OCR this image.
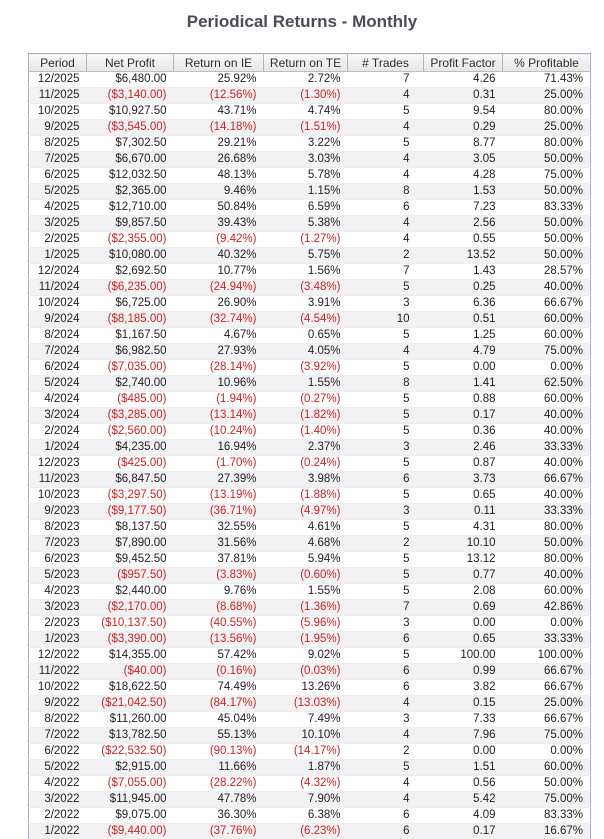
Periodical Returns - Monthly
Period	Net Profit	Return on IE	Return on TE	# Trades	Profit Factor	% Profitable
12/2025	$6,480.00	25.92%	2.72%	7	4.26	71.43%
11/2025	($3,140.00)	(12.56%)	(1.30%)	4	0.31	25.00%
10/2025	$10,927.50	43.71%	4.74%	5	9.54	80.00%
9/2025	($3,545.00)	(14.18%)	(1.51%)	4	0.29	25.00%
8/2025	$7,302.50	29.21%	3.22%	5	8.77	80.00%
7/2025	$6,670.00	26.68%	3.03%	4	3.05	50.00%
6/2025	$12,032.50	48.13%	5.78%	4	4.28	75.00%
5/2025	$2,365.00	9.46%	1.15%	8	1.53	50.00%
4/2025	$12,710.00	50.84%	6.59%	6	7.23	83.33%
3/2025	$9,857.50	39.43%	5.38%	4	2.56	50.00%
2/2025	($2,355.00)	(9.42%)	(1.27%)	4	0.55	50.00%
1/2025	$10,080.00	40.32%	5.75%	2	13.52	50.00%
12/2024	$2,692.50	10.77%	1.56%	7	1.43	28.57%
11/2024	($6,235.00)	(24.94%)	(3.48%)	5	0.25	40.00%
10/2024	$6,725.00	26.90%	3.91%	3	6.36	66.67%
9/2024	($8,185.00)	(32.74%)	(4.54%)	10	0.51	60.00%
8/2024	$1,167.50	4.67%	0.65%	5	1.25	60.00%
7/2024	$6,982.50	27.93%	4.05%	4	4.79	75.00%
6/2024	($7,035.00)	(28.14%)	(3.92%)	5	0.00	0.00%
5/2024	$2,740.00	10.96%	1.55%	8	1.41	62.50%
4/2024	($485.00)	(1.94%)	(0.27%)	5	0.88	60.00%
3/2024	($3,285.00)	(13.14%)	(1.82%)	5	0.17	40.00%
2/2024	($2,560.00)	(10.24%)	(1.40%)	5	0.36	40.00%
1/2024	$4,235.00	16.94%	2.37%	3	2.46	33.33%
12/2023	($425.00)	(1.70%)	(0.24%)	5	0.87	40.00%
11/2023	$6,847.50	27.39%	3.98%	6	3.73	66.67%
10/2023	($3,297.50)	(13.19%)	(1.88%)	5	0.65	40.00%
9/2023	($9,177.50)	(36.71%)	(4.97%)	3	0.11	33.33%
8/2023	$8,137.50	32.55%	4.61%	5	4.31	80.00%
7/2023	$7,890.00	31.56%	4.68%	2	10.10	50.00%
6/2023	$9,452.50	37.81%	5.94%	5	13.12	80.00%
5/2023	($957.50)	(3.83%)	(0.60%)	5	0.77	40.00%
4/2023	$2,440.00	9.76%	1.55%	5	2.08	60.00%
3/2023	($2,170.00)	(8.68%)	(1.36%)	7	0.69	42.86%
2/2023	($10,137.50)	(40.55%)	(5.96%)	3	0.00	0.00%
1/2023	($3,390.00)	(13.56%)	(1.95%)	6	0.65	33.33%
12/2022	$14,355.00	57.42%	9.02%	5	100.00	100.00%
11/2022	($40.00)	(0.16%)	(0.03%)	6	0.99	66.67%
10/2022	$18,622.50	74.49%	13.26%	6	3.82	66.67%
9/2022	($21,042.50)	(84.17%)	(13.03%)	4	0.15	25.00%
8/2022	$11,260.00	45.04%	7.49%	3	7.33	66.67%
7/2022	$13,782.50	55.13%	10.10%	4	7.96	75.00%
6/2022	($22,532.50)	(90.13%)	(14.17%)	2	0.00	0.00%
5/2022	$2,915.00	11.66%	1.87%	5	1.51	60.00%
4/2022	($7,055.00)	(28.22%)	(4.32%)	4	0.56	50.00%
3/2022	$11,945.00	47.78%	7.90%	4	5.42	75.00%
2/2022	$9,075.00	36.30%	6.38%	6	4.09	83.33%
1/2022	($9,440.00)	(37.76%)	(6.23%)	6	0.17	16.67%
